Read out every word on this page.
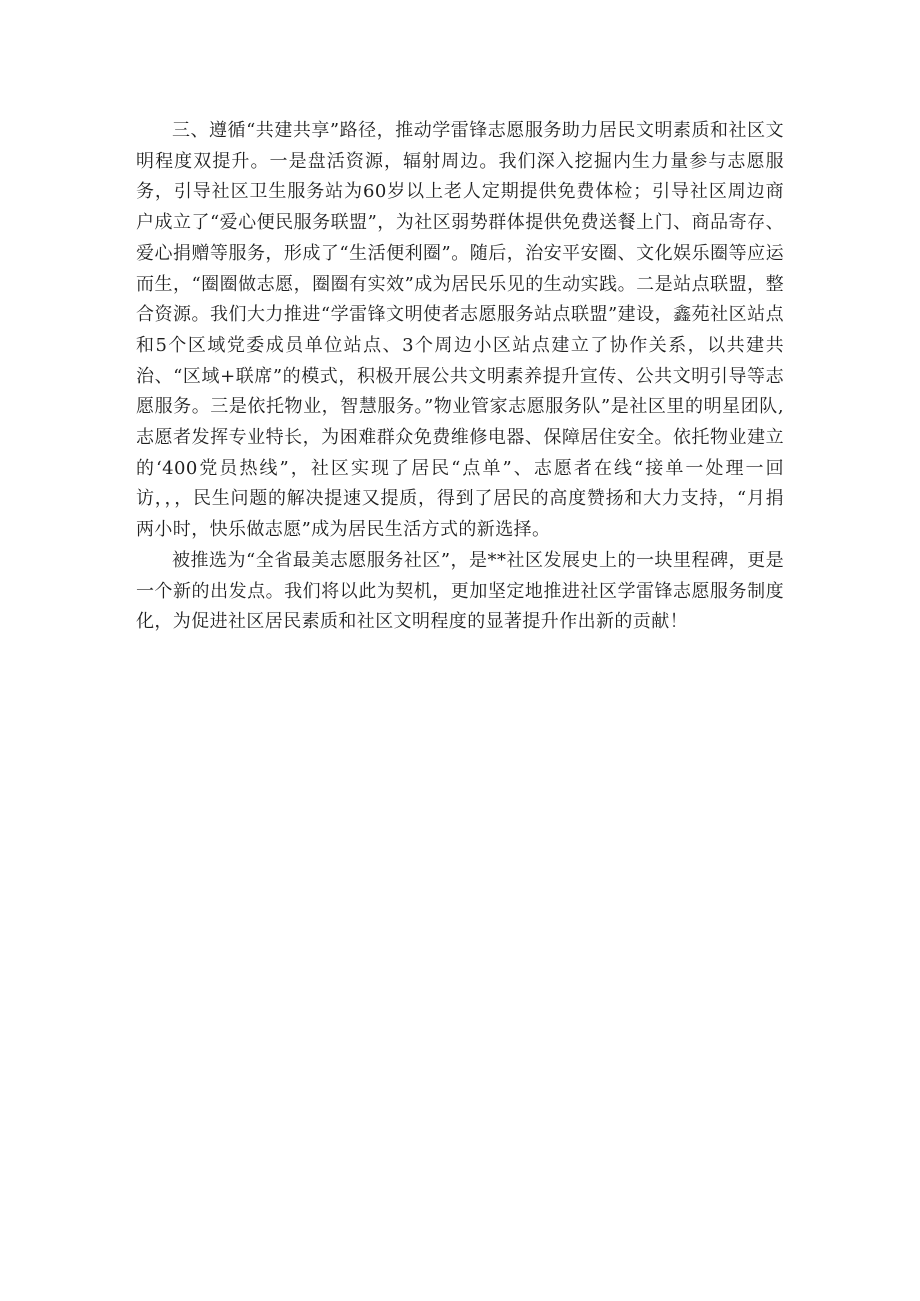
三、遵循“共建共享”路径，推动学雷锋志愿服务助力居民文明素质和社区文明程度双提升。一是盘活资源，辐射周边。我们深入挖掘内生力量参与志愿服务，引导社区卫生服务站为60岁以上老人定期提供免费体检；引导社区周边商户成立了“爱心便民服务联盟”，为社区弱势群体提供免费送餐上门、商品寄存、爱心捐赠等服务，形成了“生活便利圈”。随后，治安平安圈、文化娱乐圈等应运而生，“圈圈做志愿，圈圈有实效”成为居民乐见的生动实践。二是站点联盟，整合资源。我们大力推进“学雷锋文明使者志愿服务站点联盟”建设，鑫苑社区站点和5个区域党委成员单位站点、3个周边小区站点建立了协作关系，以共建共治、“区域+联席”的模式，积极开展公共文明素养提升宣传、公共文明引导等志愿服务。三是依托物业，智慧服务。”物业管家志愿服务队”是社区里的明星团队,志愿者发挥专业特长，为困难群众免费维修电器、保障居住安全。依托物业建立的‘400党员热线”，社区实现了居民“点单”、志愿者在线“接单一处理一回访，，，民生问题的解决提速又提质，得到了居民的高度赞扬和大力支持，“月捐两小时，快乐做志愿”成为居民生活方式的新选择。

被推选为“全省最美志愿服务社区”，是**社区发展史上的一块里程碑，更是一个新的出发点。我们将以此为契机，更加坚定地推进社区学雷锋志愿服务制度化，为促进社区居民素质和社区文明程度的显著提升作出新的贡献！
